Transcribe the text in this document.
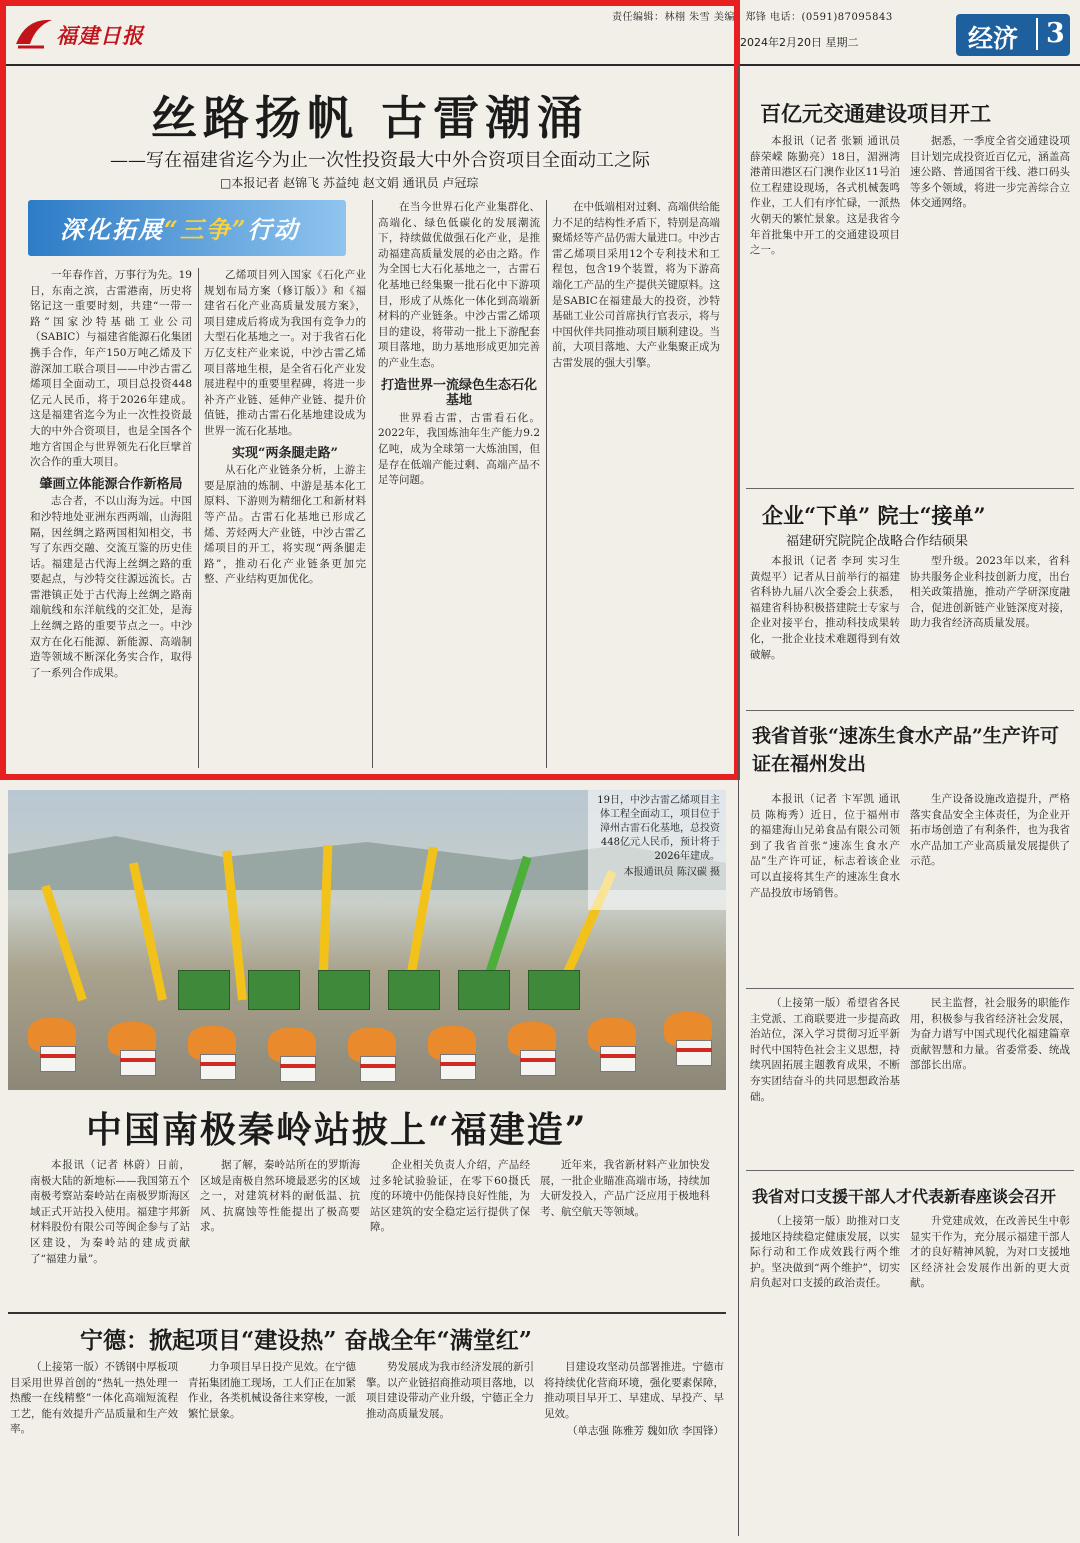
福建日报
责任编辑：林栩 朱雪 美编：郑锋 电话：(0591)87095843
2024年2月20日 星期二	经济	3
丝路扬帆 古雷潮涌
——写在福建省迄今为止一次性投资最大中外合资项目全面动工之际
□本报记者 赵锦飞 苏益纯 赵文娟 通讯员 卢冠琮
深化拓展“三争”行动

一年春作首，万事行为先。19日，东南之滨，古雷港南，历史将铭记这一重要时刻，共建“一带一路”国家沙特基础工业公司（SABIC）与福建省能源石化集团携手合作，年产150万吨乙烯及下游深加工联合项目——中沙古雷乙烯项目全面动工，项目总投资448亿元人民币，将于2026年建成。这是福建省迄今为止一次性投资最大的中外合资项目，也是全国各个地方省国企与世界领先石化巨擘首次合作的重大项目。

肇画立体能源合作新格局

志合者，不以山海为远。中国和沙特地处亚洲东西两端，山海阻隔，因丝绸之路两国相知相交，书写了东西交融、交流互鉴的历史佳话。福建是古代海上丝绸之路的重要起点，与沙特交往源远流长。古雷港镇正处于古代海上丝绸之路南端航线和东洋航线的交汇处，是海上丝绸之路的重要节点之一。中沙双方在化石能源、新能源、高端制造等领域不断深化务实合作，取得了一系列合作成果。

乙烯项目列入国家《石化产业规划布局方案（修订版）》和《福建省石化产业高质量发展方案》，项目建成后将成为我国有竞争力的大型石化基地之一。对于我省石化万亿支柱产业来说，中沙古雷乙烯项目落地生根，是全省石化产业发展进程中的重要里程碑，将进一步补齐产业链、延伸产业链、提升价值链，推动古雷石化基地建设成为世界一流石化基地。

实现“两条腿走路”

从石化产业链条分析，上游主要是原油的炼制、中游是基本化工原料、下游则为精细化工和新材料等产品。古雷石化基地已形成乙烯、芳烃两大产业链，中沙古雷乙烯项目的开工，将实现“两条腿走路”，推动石化产业链条更加完整、产业结构更加优化。

在当今世界石化产业集群化、高端化、绿色低碳化的发展潮流下，持续做优做强石化产业，是推动福建高质量发展的必由之路。作为全国七大石化基地之一，古雷石化基地已经集聚一批石化中下游项目，形成了从炼化一体化到高端新材料的产业链条。中沙古雷乙烯项目的建设，将带动一批上下游配套项目落地，助力基地形成更加完善的产业生态。

打造世界一流绿色生态石化基地

世界看古雷，古雷看石化。2022年，我国炼油年生产能力9.2亿吨，成为全球第一大炼油国，但是存在低端产能过剩、高端产品不足等问题。

在中低端相对过剩、高端供给能力不足的结构性矛盾下，特别是高端聚烯烃等产品仍需大量进口。中沙古雷乙烯项目采用12个专利技术和工程包，包含19个装置，将为下游高端化工产品的生产提供关键原料。这是SABIC在福建最大的投资，沙特基础工业公司首席执行官表示，将与中国伙伴共同推动项目顺利建设。当前，大项目落地、大产业集聚正成为古雷发展的强大引擎。

19日，中沙古雷乙烯项目主体工程全面动工，项目位于漳州古雷石化基地，总投资448亿元人民币，预计将于2026年建成。
本报通讯员 陈汉碳 摄
中国南极秦岭站披上“福建造”

本报讯（记者 林蔚）日前，南极大陆的新地标——我国第五个南极考察站秦岭站在南极罗斯海区域正式开站投入使用。福建宇邦新材料股份有限公司等闽企参与了站区建设，为秦岭站的建成贡献了“福建力量”。

据了解，秦岭站所在的罗斯海区域是南极自然环境最恶劣的区域之一，对建筑材料的耐低温、抗风、抗腐蚀等性能提出了极高要求。

企业相关负责人介绍，产品经过多轮试验验证，在零下60摄氏度的环境中仍能保持良好性能，为站区建筑的安全稳定运行提供了保障。

近年来，我省新材料产业加快发展，一批企业瞄准高端市场，持续加大研发投入，产品广泛应用于极地科考、航空航天等领域。

宁德：掀起项目“建设热” 奋战全年“满堂红”

（上接第一版）不锈钢中厚板项目采用世界首创的“热轧一热处理一热酸一在线精整”一体化高端短流程工艺，能有效提升产品质量和生产效率。

力争项目早日投产见效。在宁德青拓集团施工现场，工人们正在加紧作业，各类机械设备往来穿梭，一派繁忙景象。

势发展成为我市经济发展的新引擎。以产业链招商推动项目落地，以项目建设带动产业升级，宁德正全力推动高质量发展。

目建设攻坚动员部署推进。宁德市将持续优化营商环境，强化要素保障，推动项目早开工、早建成、早投产、早见效。

（单志强 陈雅芳 魏如欣 李国锋）

百亿元交通建设项目开工

本报讯（记者 张颖 通讯员 薛荣嵘 陈勤亮）18日，湄洲湾港莆田港区石门澳作业区11号泊位工程建设现场，各式机械轰鸣作业，工人们有序忙碌，一派热火朝天的繁忙景象。这是我省今年首批集中开工的交通建设项目之一。

据悉，一季度全省交通建设项目计划完成投资近百亿元，涵盖高速公路、普通国省干线、港口码头等多个领域，将进一步完善综合立体交通网络。

企业“下单” 院士“接单”
福建研究院院企战略合作结硕果

本报讯（记者 李珂 实习生 黄煜平）记者从日前举行的福建省科协九届八次全委会上获悉，福建省科协积极搭建院士专家与企业对接平台，推动科技成果转化，一批企业技术难题得到有效破解。

型升级。2023年以来，省科协共服务企业科技创新力度，出台相关政策措施，推动产学研深度融合，促进创新链产业链深度对接，助力我省经济高质量发展。

我省首张“速冻生食水产品”生产许可证在福州发出

本报讯（记者 卞军凯 通讯员 陈梅秀）近日，位于福州市的福建海山兄弟食品有限公司领到了我省首张“速冻生食水产品”生产许可证，标志着该企业可以直接将其生产的速冻生食水产品投放市场销售。

生产设备设施改造提升，严格落实食品安全主体责任，为企业开拓市场创造了有利条件，也为我省水产品加工产业高质量发展提供了示范。

（上接第一版）希望省各民主党派、工商联要进一步提高政治站位，深入学习贯彻习近平新时代中国特色社会主义思想，持续巩固拓展主题教育成果，不断夯实团结奋斗的共同思想政治基础。

民主监督，社会服务的职能作用，积极参与我省经济社会发展，为奋力谱写中国式现代化福建篇章贡献智慧和力量。省委常委、统战部部长出席。

我省对口支援干部人才代表新春座谈会召开

（上接第一版）助推对口支援地区持续稳定健康发展，以实际行动和工作成效践行两个维护。坚决做到“两个维护”，切实肩负起对口支援的政治责任。

升党建成效，在改善民生中彰显实干作为，充分展示福建干部人才的良好精神风貌，为对口支援地区经济社会发展作出新的更大贡献。
